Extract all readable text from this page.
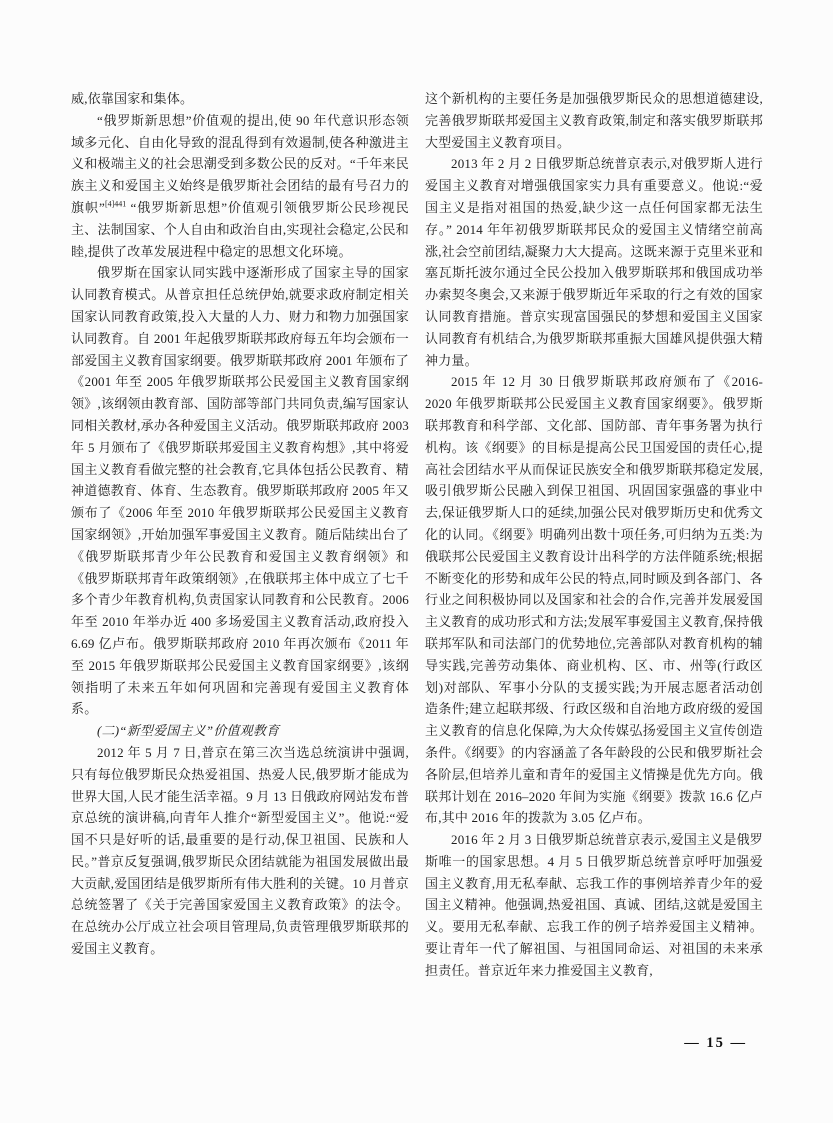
威,依靠国家和集体。

“俄罗斯新思想”价值观的提出,使 90 年代意识形态领域多元化、自由化导致的混乱得到有效遏制,使各种激进主义和极端主义的社会思潮受到多数公民的反对。“千年来民族主义和爱国主义始终是俄罗斯社会团结的最有号召力的旗帜”$^{[4]441}$ “俄罗斯新思想”价值观引领俄罗斯公民珍视民主、法制国家、个人自由和政治自由,实现社会稳定,公民和睦,提供了改革发展进程中稳定的思想文化环境。

俄罗斯在国家认同实践中逐渐形成了国家主导的国家认同教育模式。从普京担任总统伊始,就要求政府制定相关国家认同教育政策,投入大量的人力、财力和物力加强国家认同教育。自 2001 年起俄罗斯联邦政府每五年均会颁布一部爱国主义教育国家纲要。俄罗斯联邦政府 2001 年颁布了《2001 年至 2005 年俄罗斯联邦公民爱国主义教育国家纲领》,该纲领由教育部、国防部等部门共同负责,编写国家认同相关教材,承办各种爱国主义活动。俄罗斯联邦政府 2003 年 5 月颁布了《俄罗斯联邦爱国主义教育构想》,其中将爱国主义教育看做完整的社会教育,它具体包括公民教育、精神道德教育、体育、生态教育。俄罗斯联邦政府 2005 年又颁布了《2006 年至 2010 年俄罗斯联邦公民爱国主义教育国家纲领》,开始加强军事爱国主义教育。随后陆续出台了《俄罗斯联邦青少年公民教育和爱国主义教育纲领》和《俄罗斯联邦青年政策纲领》,在俄联邦主体中成立了七千多个青少年教育机构,负责国家认同教育和公民教育。2006 年至 2010 年举办近 400 多场爱国主义教育活动,政府投入 6.69 亿卢布。俄罗斯联邦政府 2010 年再次颁布《2011 年至 2015 年俄罗斯联邦公民爱国主义教育国家纲要》,该纲领指明了未来五年如何巩固和完善现有爱国主义教育体系。

(二)“新型爱国主义”价值观教育

2012 年 5 月 7 日,普京在第三次当选总统演讲中强调,只有每位俄罗斯民众热爱祖国、热爱人民,俄罗斯才能成为世界大国,人民才能生活幸福。9 月 13 日俄政府网站发布普京总统的演讲稿,向青年人推介“新型爱国主义”。他说:“爱国不只是好听的话,最重要的是行动,保卫祖国、民族和人民。”普京反复强调,俄罗斯民众团结就能为祖国发展做出最大贡献,爱国团结是俄罗斯所有伟大胜利的关键。10 月普京总统签署了《关于完善国家爱国主义教育政策》的法令。在总统办公厅成立社会项目管理局,负责管理俄罗斯联邦的爱国主义教育。

这个新机构的主要任务是加强俄罗斯民众的思想道德建设,完善俄罗斯联邦爱国主义教育政策,制定和落实俄罗斯联邦大型爱国主义教育项目。

2013 年 2 月 2 日俄罗斯总统普京表示,对俄罗斯人进行爱国主义教育对增强俄国家实力具有重要意义。他说:“爱国主义是指对祖国的热爱,缺少这一点任何国家都无法生存。” 2014 年年初俄罗斯联邦民众的爱国主义情绪空前高涨,社会空前团结,凝聚力大大提高。这既来源于克里米亚和塞瓦斯托波尔通过全民公投加入俄罗斯联邦和俄国成功举办索契冬奥会,又来源于俄罗斯近年采取的行之有效的国家认同教育措施。普京实现富国强民的梦想和爱国主义国家认同教育有机结合,为俄罗斯联邦重振大国雄风提供强大精神力量。

2015 年 12 月 30 日俄罗斯联邦政府颁布了《2016-2020 年俄罗斯联邦公民爱国主义教育国家纲要》。俄罗斯联邦教育和科学部、文化部、国防部、青年事务署为执行机构。该《纲要》的目标是提高公民卫国爱国的责任心,提高社会团结水平从而保证民族安全和俄罗斯联邦稳定发展,吸引俄罗斯公民融入到保卫祖国、巩固国家强盛的事业中去,保证俄罗斯人口的延续,加强公民对俄罗斯历史和优秀文化的认同。《纲要》明确列出数十项任务,可归纳为五类:为俄联邦公民爱国主义教育设计出科学的方法伴随系统;根据不断变化的形势和成年公民的特点,同时顾及到各部门、各行业之间积极协同以及国家和社会的合作,完善并发展爱国主义教育的成功形式和方法;发展军事爱国主义教育,保持俄联邦军队和司法部门的优势地位,完善部队对教育机构的辅导实践,完善劳动集体、商业机构、区、市、州等(行政区划)对部队、军事小分队的支援实践;为开展志愿者活动创造条件;建立起联邦级、行政区级和自治地方政府级的爱国主义教育的信息化保障,为大众传媒弘扬爱国主义宣传创造条件。《纲要》的内容涵盖了各年龄段的公民和俄罗斯社会各阶层,但培养儿童和青年的爱国主义情操是优先方向。俄联邦计划在 2016–2020 年间为实施《纲要》拨款 16.6 亿卢布,其中 2016 年的拨款为 3.05 亿卢布。

2016 年 2 月 3 日俄罗斯总统普京表示,爱国主义是俄罗斯唯一的国家思想。4 月 5 日俄罗斯总统普京呼吁加强爱国主义教育,用无私奉献、忘我工作的事例培养青少年的爱国主义精神。他强调,热爱祖国、真诚、团结,这就是爱国主义。要用无私奉献、忘我工作的例子培养爱国主义精神。要让青年一代了解祖国、与祖国同命运、对祖国的未来承担责任。普京近年来力推爱国主义教育,

— 15 —
